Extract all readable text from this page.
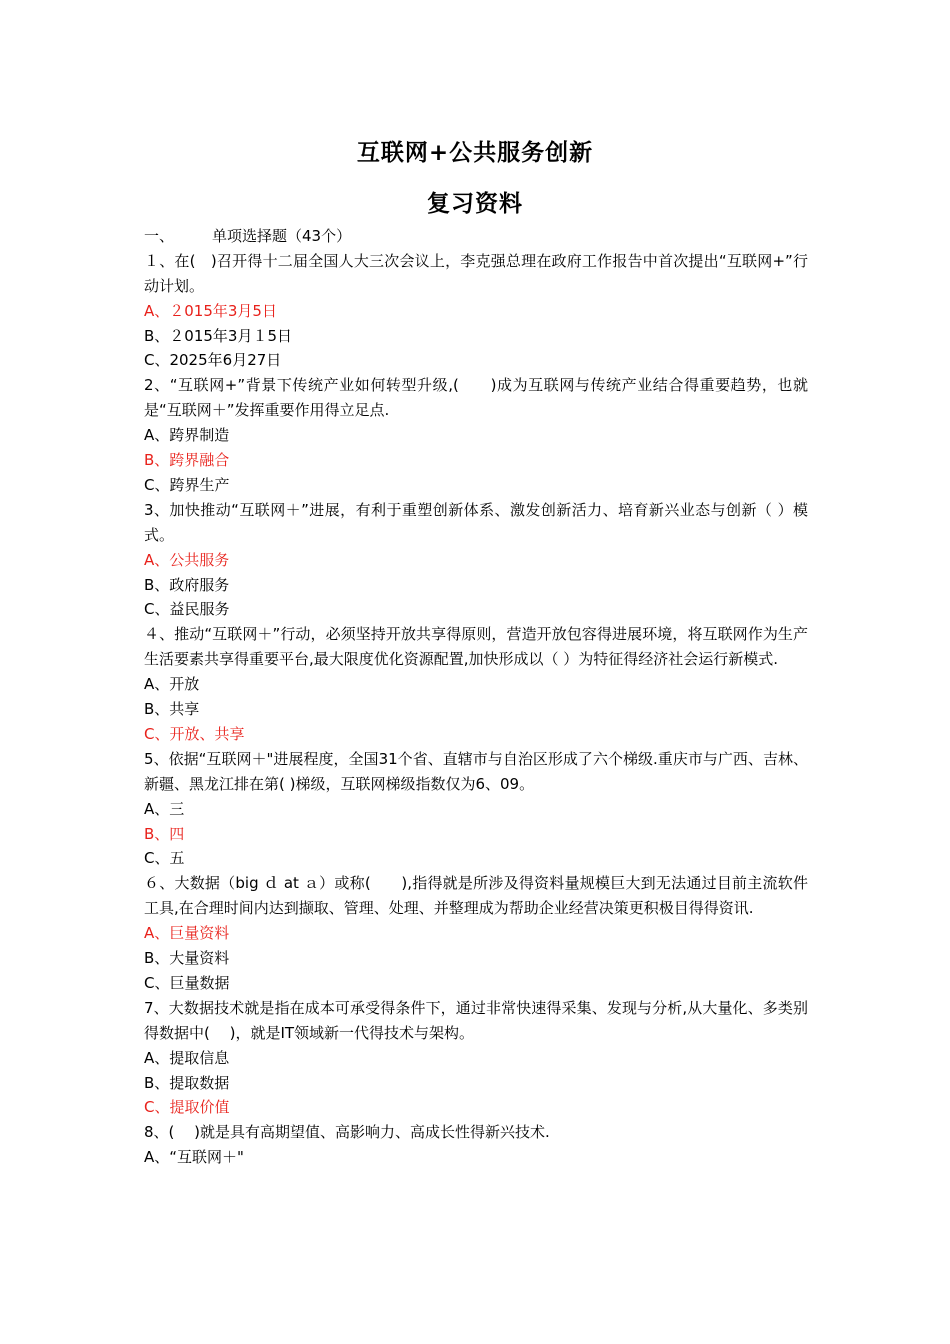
互联网+公共服务创新
复习资料
一、	单项选择题（43个）
１、在(　)召开得十二届全国人大三次会议上，李克强总理在政府工作报告中首次提出“互联网+”行动计划。
A、２015年3月5日
B、２015年3月１5日
C、2025年6月27日
2、“互联网+”背景下传统产业如何转型升级,(　　)成为互联网与传统产业结合得重要趋势，也就是“互联网＋”发挥重要作用得立足点.
A、跨界制造
B、跨界融合
C、跨界生产
3、加快推动“互联网＋”进展，有利于重塑创新体系、激发创新活力、培育新兴业态与创新（ ）模式。
A、公共服务
B、政府服务
C、益民服务
４、推动“互联网＋”行动，必须坚持开放共享得原则，营造开放包容得进展环境，将互联网作为生产生活要素共享得重要平台,最大限度优化资源配置,加快形成以（ ）为特征得经济社会运行新模式.
A、开放
B、共享
C、开放、共享
5、依据“互联网＋"进展程度，全国31个省、直辖市与自治区形成了六个梯级.重庆市与广西、吉林、新疆、黑龙江排在第( )梯级，互联网梯级指数仅为6、09。
A、三
B、四
C、五
６、大数据（big ｄ at ａ）或称(　　),指得就是所涉及得资料量规模巨大到无法通过目前主流软件工具,在合理时间内达到撷取、管理、处理、并整理成为帮助企业经营决策更积极目得得资讯.
A、巨量资料
B、大量资料
C、巨量数据
7、大数据技术就是指在成本可承受得条件下，通过非常快速得采集、发现与分析,从大量化、多类别得数据中(　 )，就是IT领域新一代得技术与架构。
A、提取信息
B、提取数据
C、提取价值
8、(　 )就是具有高期望值、高影响力、高成长性得新兴技术.
A、“互联网＋"
